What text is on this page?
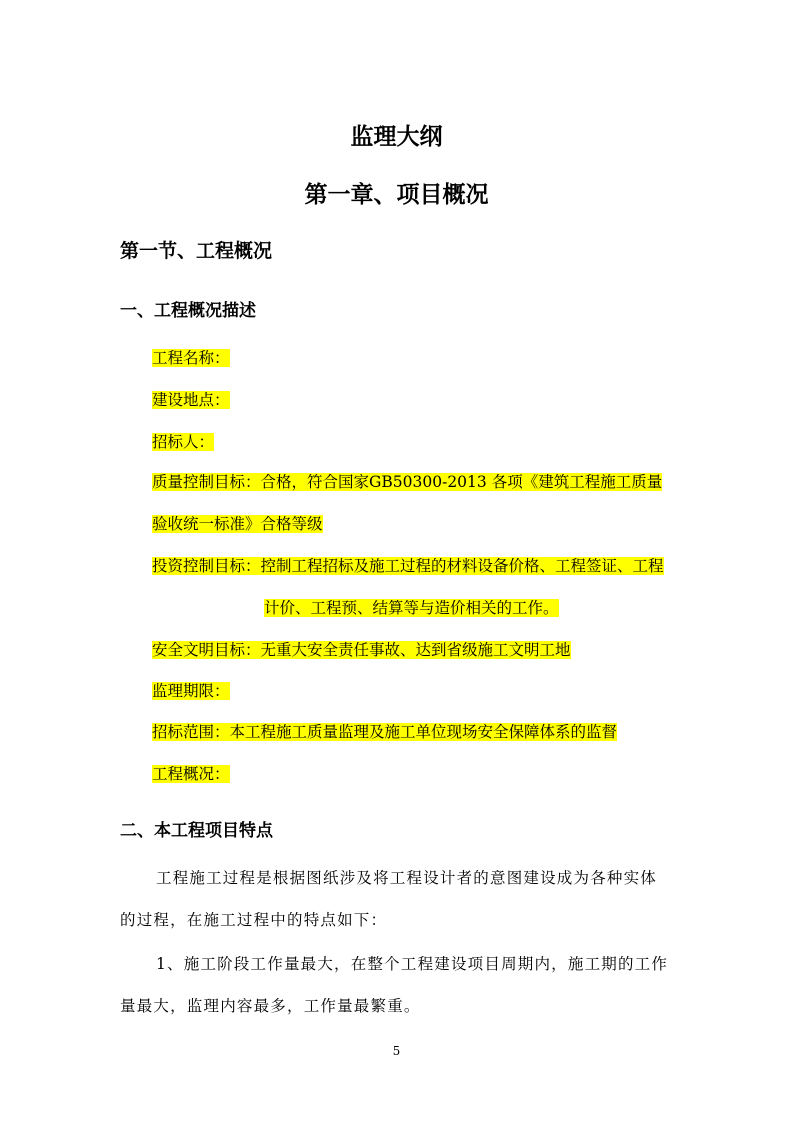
监理大纲
第一章、项目概况
第一节、工程概况
一、工程概况描述
工程名称：
建设地点：
招标人：
质量控制目标：合格，符合国家GB50300-2013 各项《建筑工程施工质量
验收统一标准》合格等级
投资控制目标：控制工程招标及施工过程的材料设备价格、工程签证、工程
计价、工程预、结算等与造价相关的工作。
安全文明目标：无重大安全责任事故、达到省级施工文明工地
监理期限：
招标范围：本工程施工质量监理及施工单位现场安全保障体系的监督
工程概况：
二、本工程项目特点
工程施工过程是根据图纸涉及将工程设计者的意图建设成为各种实体
的过程，在施工过程中的特点如下：
1、施工阶段工作量最大，在整个工程建设项目周期内，施工期的工作
量最大，监理内容最多，工作量最繁重。
5
